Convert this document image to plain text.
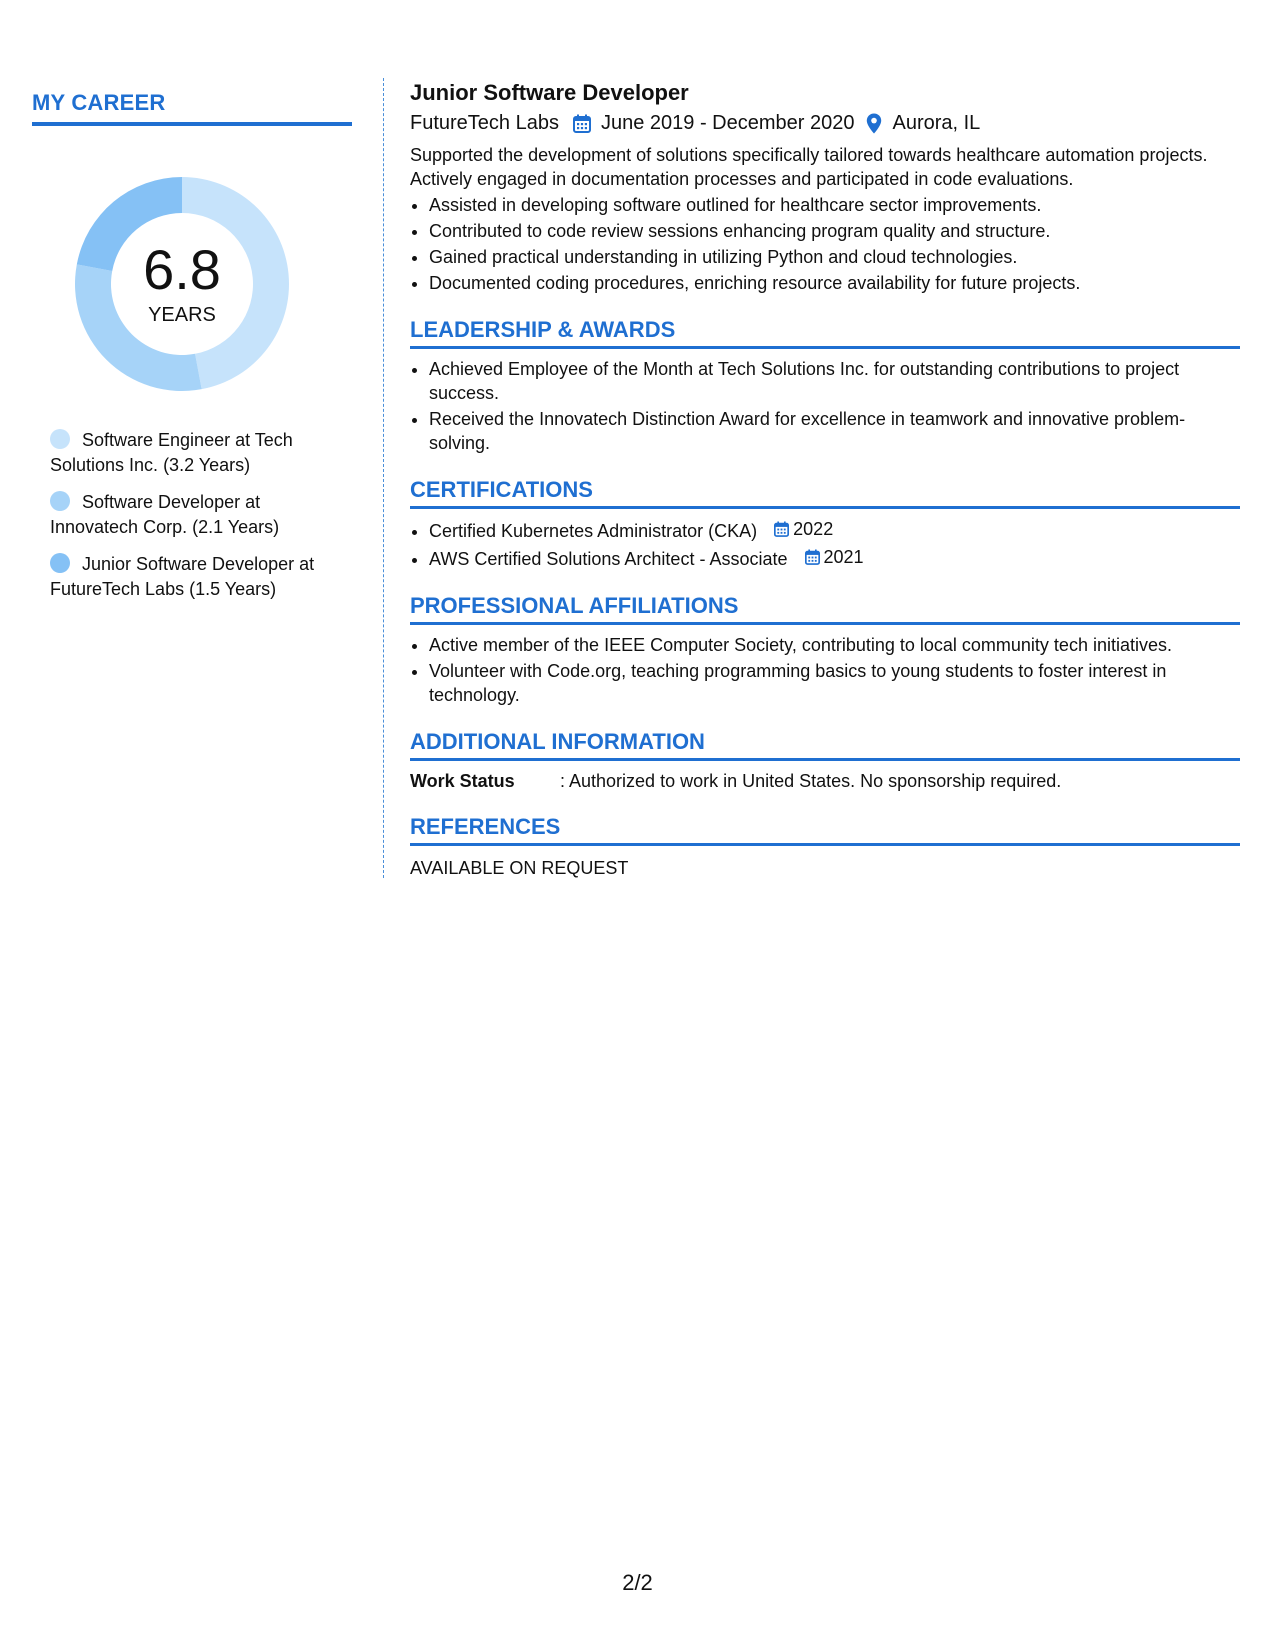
MY CAREER
6.8
YEARS
Software Engineer at Tech Solutions Inc. (3.2 Years)
Software Developer at Innovatech Corp. (2.1 Years)
Junior Software Developer at FutureTech Labs (1.5 Years)
Junior Software Developer
FutureTech Labs June 2019 - December 2020 Aurora, IL
Supported the development of solutions specifically tailored towards healthcare automation projects. Actively engaged in documentation processes and participated in code evaluations.
• Assisted in developing software outlined for healthcare sector improvements.
• Contributed to code review sessions enhancing program quality and structure.
• Gained practical understanding in utilizing Python and cloud technologies.
• Documented coding procedures, enriching resource availability for future projects.
LEADERSHIP & AWARDS
• Achieved Employee of the Month at Tech Solutions Inc. for outstanding contributions to project success.
• Received the Innovatech Distinction Award for excellence in teamwork and innovative problem-solving.
CERTIFICATIONS
• Certified Kubernetes Administrator (CKA) 2022
• AWS Certified Solutions Architect - Associate 2021
PROFESSIONAL AFFILIATIONS
• Active member of the IEEE Computer Society, contributing to local community tech initiatives.
• Volunteer with Code.org, teaching programming basics to young students to foster interest in technology.
ADDITIONAL INFORMATION
Work Status	: Authorized to work in United States. No sponsorship required.
REFERENCES
AVAILABLE ON REQUEST
2/2
